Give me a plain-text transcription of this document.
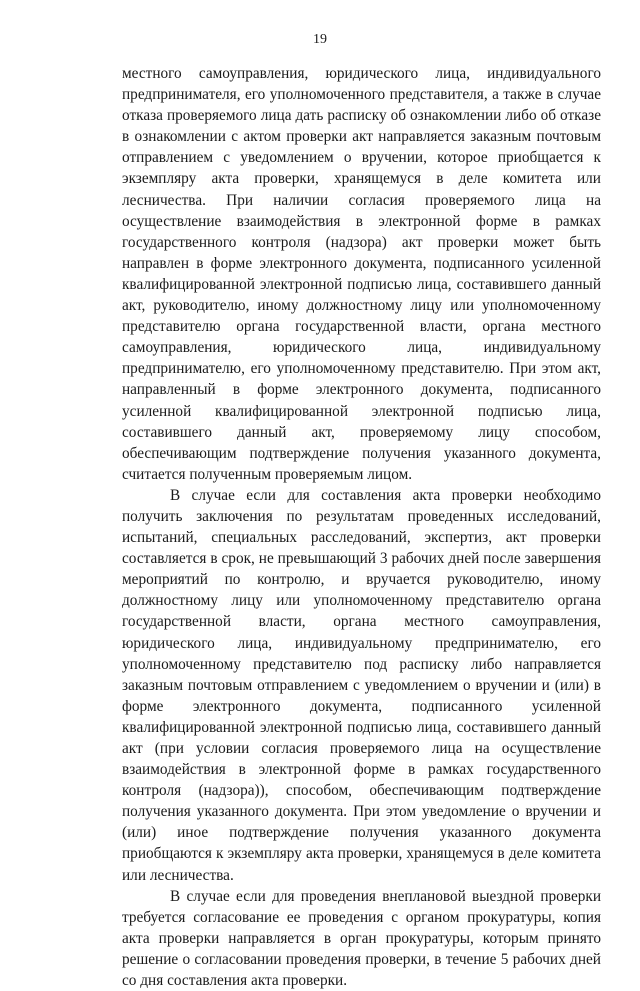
19

местного самоуправления, юридического лица, индивидуального предпринимателя, его уполномоченного представителя, а также в случае отказа проверяемого лица дать расписку об ознакомлении либо об отказе в ознакомлении с актом проверки акт направляется заказным почтовым отправлением с уведомлением о вручении, которое приобщается к экземпляру акта проверки, хранящемуся в деле комитета или лесничества. При наличии согласия проверяемого лица на осуществление взаимодействия в электронной форме в рамках государственного контроля (надзора) акт проверки может быть направлен в форме электронного документа, подписанного усиленной квалифицированной электронной подписью лица, составившего данный акт, руководителю, иному должностному лицу или уполномоченному представителю органа государственной власти, органа местного самоуправления, юридического лица, индивидуальному предпринимателю, его уполномоченному представителю. При этом акт, направленный в форме электронного документа, подписанного усиленной квалифицированной электронной подписью лица, составившего данный акт, проверяемому лицу способом, обеспечивающим подтверждение получения указанного документа, считается полученным проверяемым лицом.

В случае если для составления акта проверки необходимо получить заключения по результатам проведенных исследований, испытаний, специальных расследований, экспертиз, акт проверки составляется в срок, не превышающий 3 рабочих дней после завершения мероприятий по контролю, и вручается руководителю, иному должностному лицу или уполномоченному представителю органа государственной власти, органа местного самоуправления, юридического лица, индивидуальному предпринимателю, его уполномоченному представителю под расписку либо направляется заказным почтовым отправлением с уведомлением о вручении и (или) в форме электронного документа, подписанного усиленной квалифицированной электронной подписью лица, составившего данный акт (при условии согласия проверяемого лица на осуществление взаимодействия в электронной форме в рамках государственного контроля (надзора)), способом, обеспечивающим подтверждение получения указанного документа. При этом уведомление о вручении и (или) иное подтверждение получения указанного документа приобщаются к экземпляру акта проверки, хранящемуся в деле комитета или лесничества.

В случае если для проведения внеплановой выездной проверки требуется согласование ее проведения с органом прокуратуры, копия акта проверки направляется в орган прокуратуры, которым принято решение о согласовании проведения проверки, в течение 5 рабочих дней со дня составления акта проверки.
